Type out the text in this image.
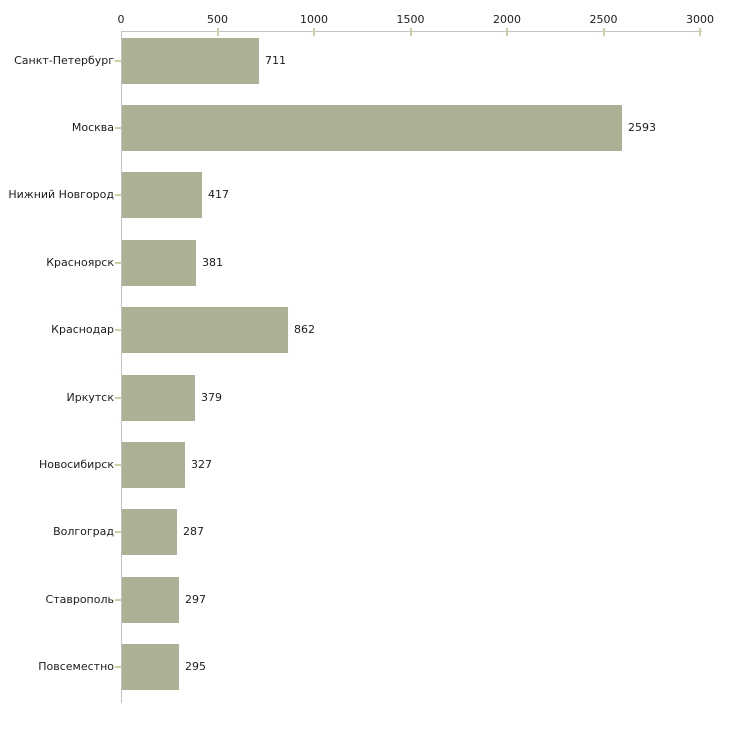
0	500	1000	1500	2000	2500	3000
Санкт-Петербург	711
Москва	2593
Нижний Новгород	417
Красноярск	381
Краснодар	862
Иркутск	379
Новосибирск	327
Волгоград	287
Ставрополь	297
Повсеместно	295
